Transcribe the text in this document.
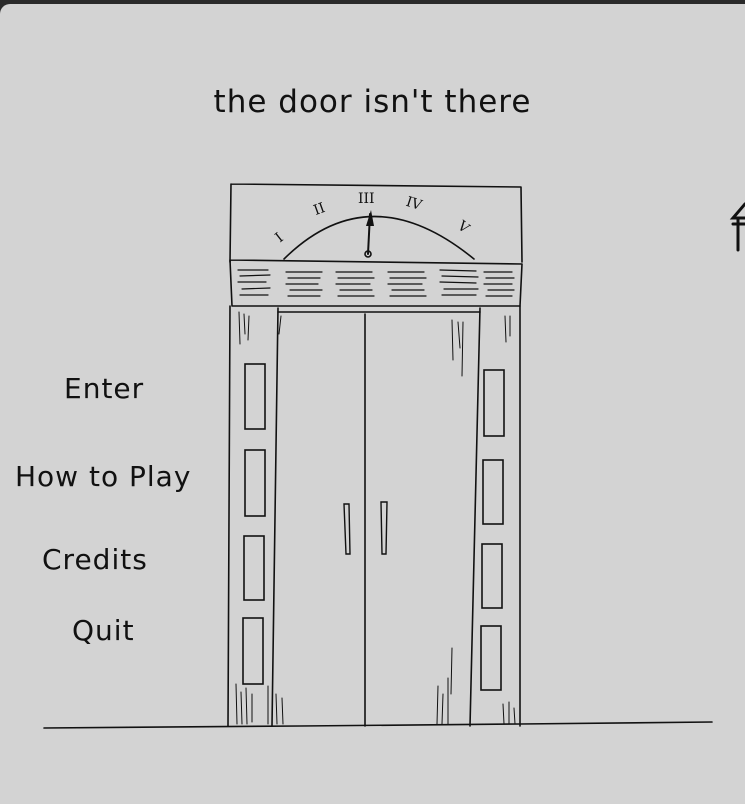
the door isn't there
I
II
III IV
V
Enter
How to Play
Credits
Quit
